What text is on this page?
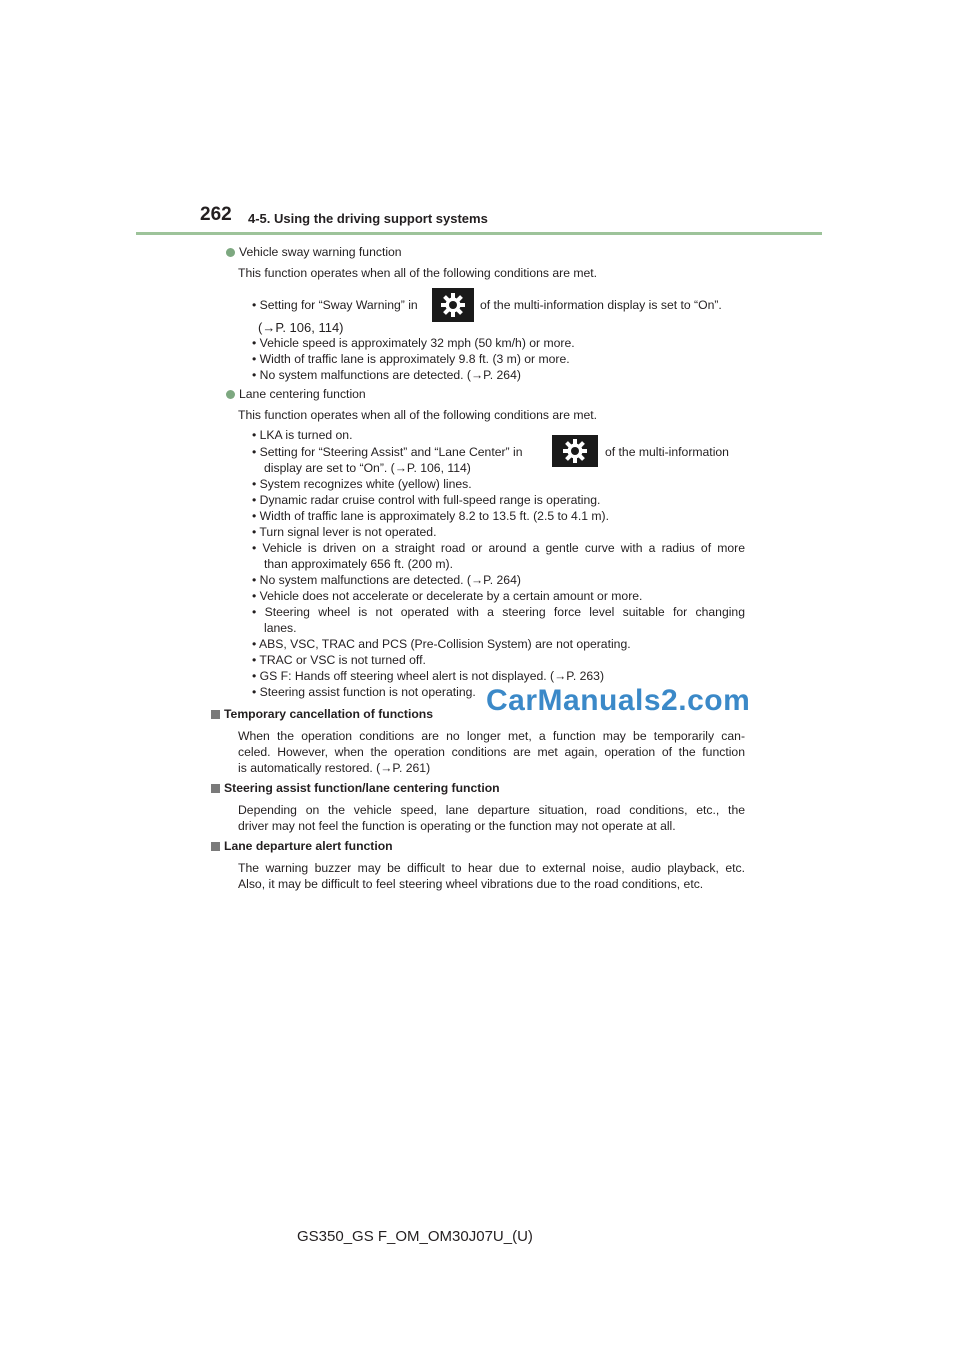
262 4-5. Using the driving support systems
Vehicle sway warning function
This function operates when all of the following conditions are met.
• Setting for “Sway Warning” in	of the multi-information display is set to “On”.
(→P. 106, 114)
• Vehicle speed is approximately 32 mph (50 km/h) or more.
• Width of traffic lane is approximately 9.8 ft. (3 m) or more.
• No system malfunctions are detected. (→P. 264)
Lane centering function
This function operates when all of the following conditions are met.
• LKA is turned on.
• Setting for “Steering Assist” and “Lane Center” in	of the multi-information
display are set to “On”. (→P. 106, 114)
• System recognizes white (yellow) lines.
• Dynamic radar cruise control with full-speed range is operating.
• Width of traffic lane is approximately 8.2 to 13.5 ft. (2.5 to 4.1 m).
• Turn signal lever is not operated.
• Vehicle is driven on a straight road or around a gentle curve with a radius of more
than approximately 656 ft. (200 m).
• No system malfunctions are detected. (→P. 264)
• Vehicle does not accelerate or decelerate by a certain amount or more.
• Steering wheel is not operated with a steering force level suitable for changing
lanes.
• ABS, VSC, TRAC and PCS (Pre-Collision System) are not operating.
• TRAC or VSC is not turned off.
• GS F: Hands off steering wheel alert is not displayed. (→P. 263)
• Steering assist function is not operating.
Temporary cancellation of functions
When the operation conditions are no longer met, a function may be temporarily can-
celed. However, when the operation conditions are met again, operation of the function
is automatically restored. (→P. 261)
Steering assist function/lane centering function
Depending on the vehicle speed, lane departure situation, road conditions, etc., the
driver may not feel the function is operating or the function may not operate at all.
Lane departure alert function
The warning buzzer may be difficult to hear due to external noise, audio playback, etc.
Also, it may be difficult to feel steering wheel vibrations due to the road conditions, etc.
CarManuals2.com
GS350_GS F_OM_OM30J07U_(U)
